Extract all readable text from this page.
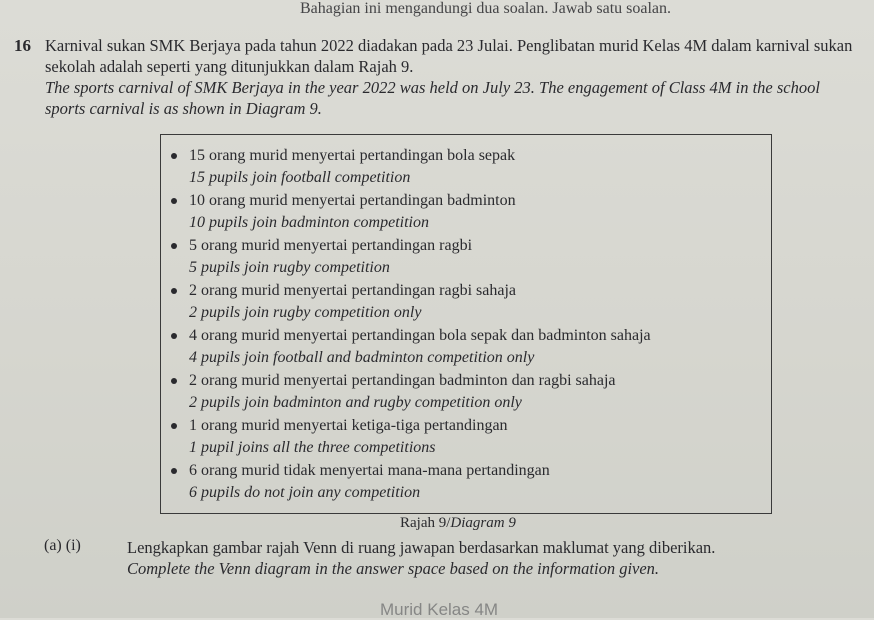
Bahagian ini mengandungi dua soalan. Jawab satu soalan.
16 Karnival sukan SMK Berjaya pada tahun 2022 diadakan pada 23 Julai. Penglibatan murid Kelas 4M dalam karnival sukan sekolah adalah seperti yang ditunjukkan dalam Rajah 9.
The sports carnival of SMK Berjaya in the year 2022 was held on July 23. The engagement of Class 4M in the school sports carnival is as shown in Diagram 9.
15 orang murid menyertai pertandingan bola sepak
15 pupils join football competition
10 orang murid menyertai pertandingan badminton
10 pupils join badminton competition
5 orang murid menyertai pertandingan ragbi
5 pupils join rugby competition
2 orang murid menyertai pertandingan ragbi sahaja
2 pupils join rugby competition only
4 orang murid menyertai pertandingan bola sepak dan badminton sahaja
4 pupils join football and badminton competition only
2 orang murid menyertai pertandingan badminton dan ragbi sahaja
2 pupils join badminton and rugby competition only
1 orang murid menyertai ketiga-tiga pertandingan
1 pupil joins all the three competitions
6 orang murid tidak menyertai mana-mana pertandingan
6 pupils do not join any competition
Rajah 9/Diagram 9
(a) (i)	Lengkapkan gambar rajah Venn di ruang jawapan berdasarkan maklumat yang diberikan.
Complete the Venn diagram in the answer space based on the information given.
Murid Kelas 4M
